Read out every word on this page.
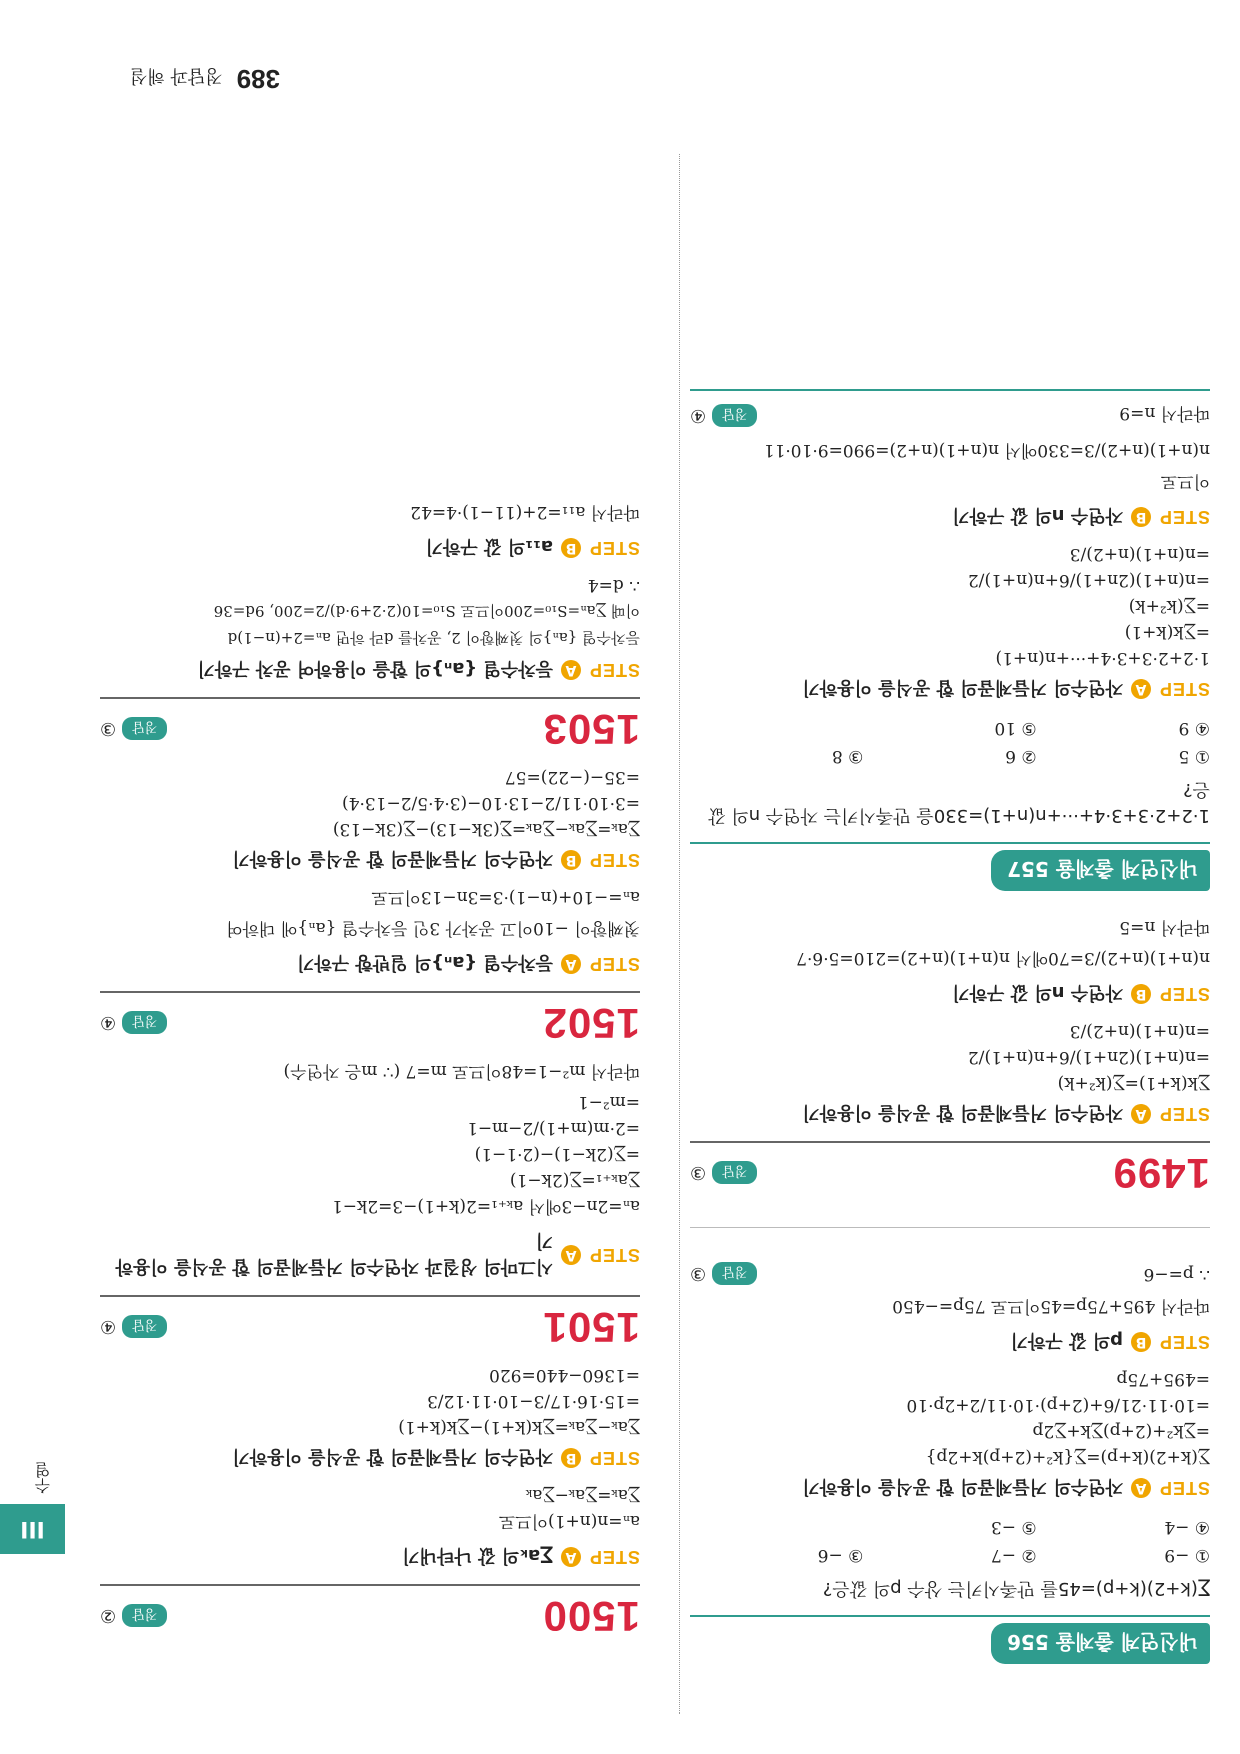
389
정답과 해설
III
수열
내신연계 출제율 556
∑(k+2)(k+p)=45를 만족시키는 상수 p의 값은?
① −9
② −7
③ −6
④ −4
⑤ −3
STEP
A
자연수의 거듭제곱의 합 공식을 이용하기
∑(k+2)(k+p)=∑{k²+(2+p)k+2p}
=∑k²+(2+p)∑k+∑2p
=10·11·21/6+(2+p)·10·11/2+2p·10
=495+75p
STEP
B
p의 값 구하기
따라서 495+75p=45이므로 75p=−450
∴ p=−6
정답
③
1499
정답
③
STEP
A
자연수의 거듭제곱의 합 공식을 이용하기
∑k(k+1)=∑(k²+k)
=n(n+1)(2n+1)/6+n(n+1)/2
=n(n+1)(n+2)/3
STEP
B
자연수 n의 값 구하기
n(n+1)(n+2)/3=70에서 n(n+1)(n+2)=210=5·6·7
따라서 n=5
내신연계 출제율 557
1·2+2·3+3·4+···+n(n+1)=330을 만족시키는 자연수 n의 값은?
① 5
② 6
③ 8
④ 9
⑤ 10
STEP
A
자연수의 거듭제곱의 합 공식을 이용하기
1·2+2·3+3·4+···+n(n+1)
=∑k(k+1)
=∑(k²+k)
=n(n+1)(2n+1)/6+n(n+1)/2
=n(n+1)(n+2)/3
STEP
B
자연수 n의 값 구하기
이므로
n(n+1)(n+2)/3=330에서 n(n+1)(n+2)=990=9·10·11
따라서 n=9
정답
④
1500
정답
②
STEP
A
∑aₖ의 값 나타내기
aₙ=n(n+1)이므로
∑aₖ=∑aₖ−∑aₖ
STEP
B
자연수의 거듭제곱의 합 공식을 이용하기
∑aₖ−∑aₖ=∑k(k+1)−∑k(k+1)
=15·16·17/3−10·11·12/3
=1360−440=920
1501
정답
④
STEP
A
시그마의 성질과 자연수의 거듭제곱의 합 공식을 이용하기
aₙ=2n−3에서 aₖ₊₁=2(k+1)−3=2k−1
∑aₖ₊₁=∑(2k−1)
=∑(2k−1)−(2·1−1)
=2·m(m+1)/2−m−1
=m²−1
따라서 m²−1=48이므로 m=7 (∵ m은 자연수)
1502
정답
④
STEP
A
등차수열 {aₙ}의 일반항 구하기
첫째항이 −10이고 공차가 3인 등차수열 {aₙ}에 대하여
aₙ=−10+(n−1)·3=3n−13이므로
STEP
B
자연수의 거듭제곱의 합 공식을 이용하기
∑aₖ=∑aₖ−∑aₖ=∑(3k−13)−∑(3k−13)
=3·10·11/2−13·10−(3·4·5/2−13·4)
=35−(−22)=57
1503
정답
③
STEP
A
등차수열 {aₙ}의 합을 이용하여 공차 구하기
등차수열 {aₙ}의 첫째항이 2, 공차를 d라 하면 aₙ=2+(n−1)d
이때 ∑aₙ=S₁₀=200이므로 S₁₀=10(2·2+9·d)/2=200, 9d=36
∴ d=4
STEP
B
a₁₁의 값 구하기
따라서 a₁₁=2+(11−1)·4=42
